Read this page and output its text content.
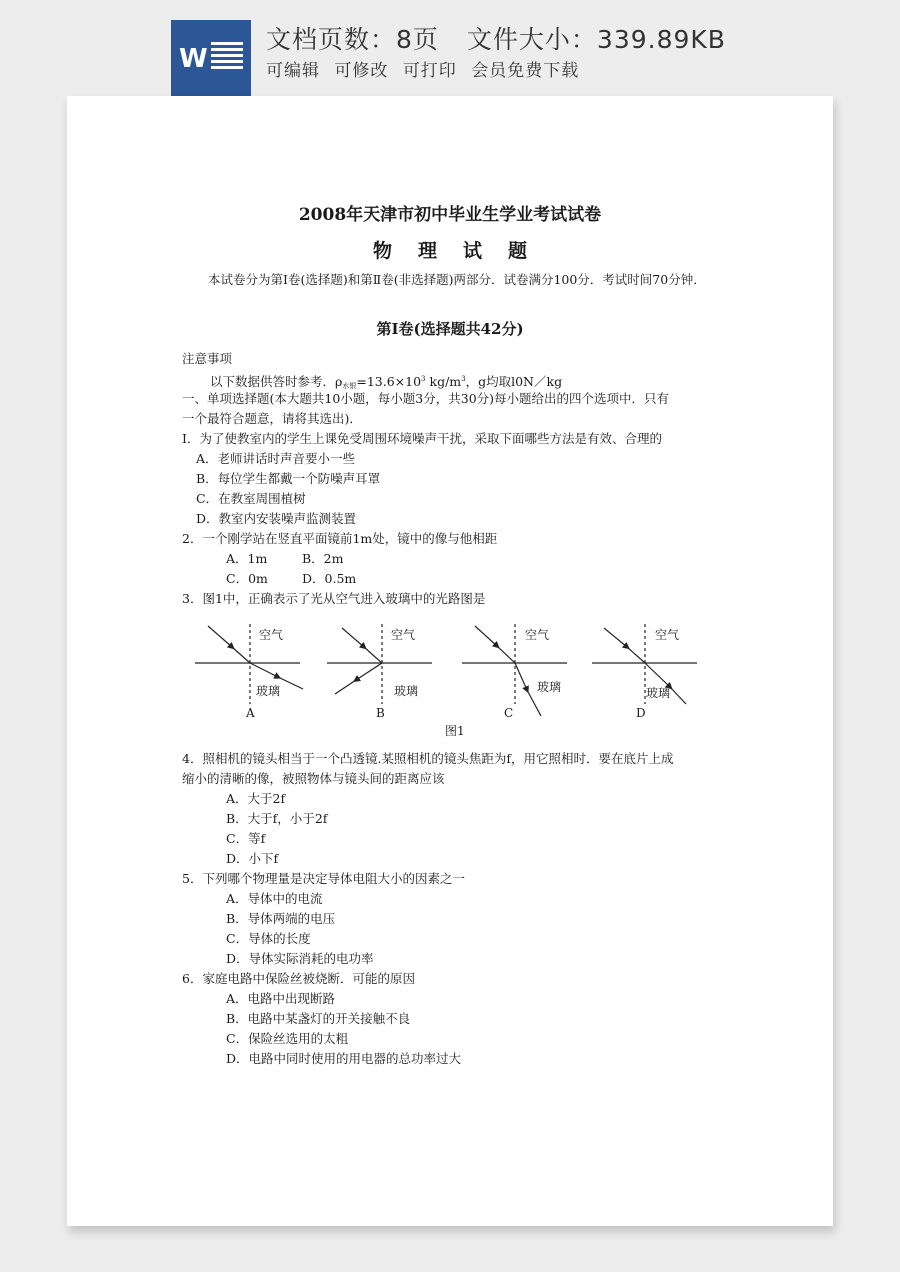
W
文档页数：8页 文件大小：339.89KB
可编辑 可修改 可打印 会员免费下载
2008年天津市初中毕业生学业考试试卷
物理试题
本试卷分为第Ⅰ卷(选择题)和第Ⅱ卷(非选择题)两部分．试卷满分100分．考试时间70分钟．
第Ⅰ卷(选择题共42分)
注意事项
以下数据供答时参考．$\rho_{水银}=13.6\times 10^3$ $kg/m^3$，g均取l0N／kg
一、单项选择题(本大题共10小题，每小题3分，共30分)每小题给出的四个选项中．只有
一个最符合题意，请将其选出)．
I．为了使教室内的学生上课免受周围环境噪声干扰，采取下面哪些方法是有效、合理的
A．老师讲话时声音要小一些
B．每位学生都戴一个防噪声耳罩
C．在教室周围植树
D．教室内安装噪声监测装置
2．一个刚学站在竖直平面镜前1m处，镜中的像与他相距
A．1m	B．2m
C．0m	D．0.5m
3．图1中，正确表示了光从空气进入玻璃中的光路图是
空气
玻璃
A
空气
玻璃
B
空气
玻璃
C
空气
玻璃
D
图1
4．照相机的镜头相当于一个凸透镜.某照相机的镜头焦距为f，用它照相时．要在底片上成
缩小的清晰的像，被照物体与镜头间的距离应该
A．大于2f
B．大于f，小于2f
C．等f
D．小下f
5．下列哪个物理量是决定导体电阻大小的因素之一
A．导体中的电流
B．导体两端的电压
C．导体的长度
D．导体实际消耗的电功率
6．家庭电路中保险丝被烧断．可能的原因
A．电路中出现断路
B．电路中某盏灯的开关接触不良
C．保险丝选用的太粗
D．电路中同时使用的用电器的总功率过大
